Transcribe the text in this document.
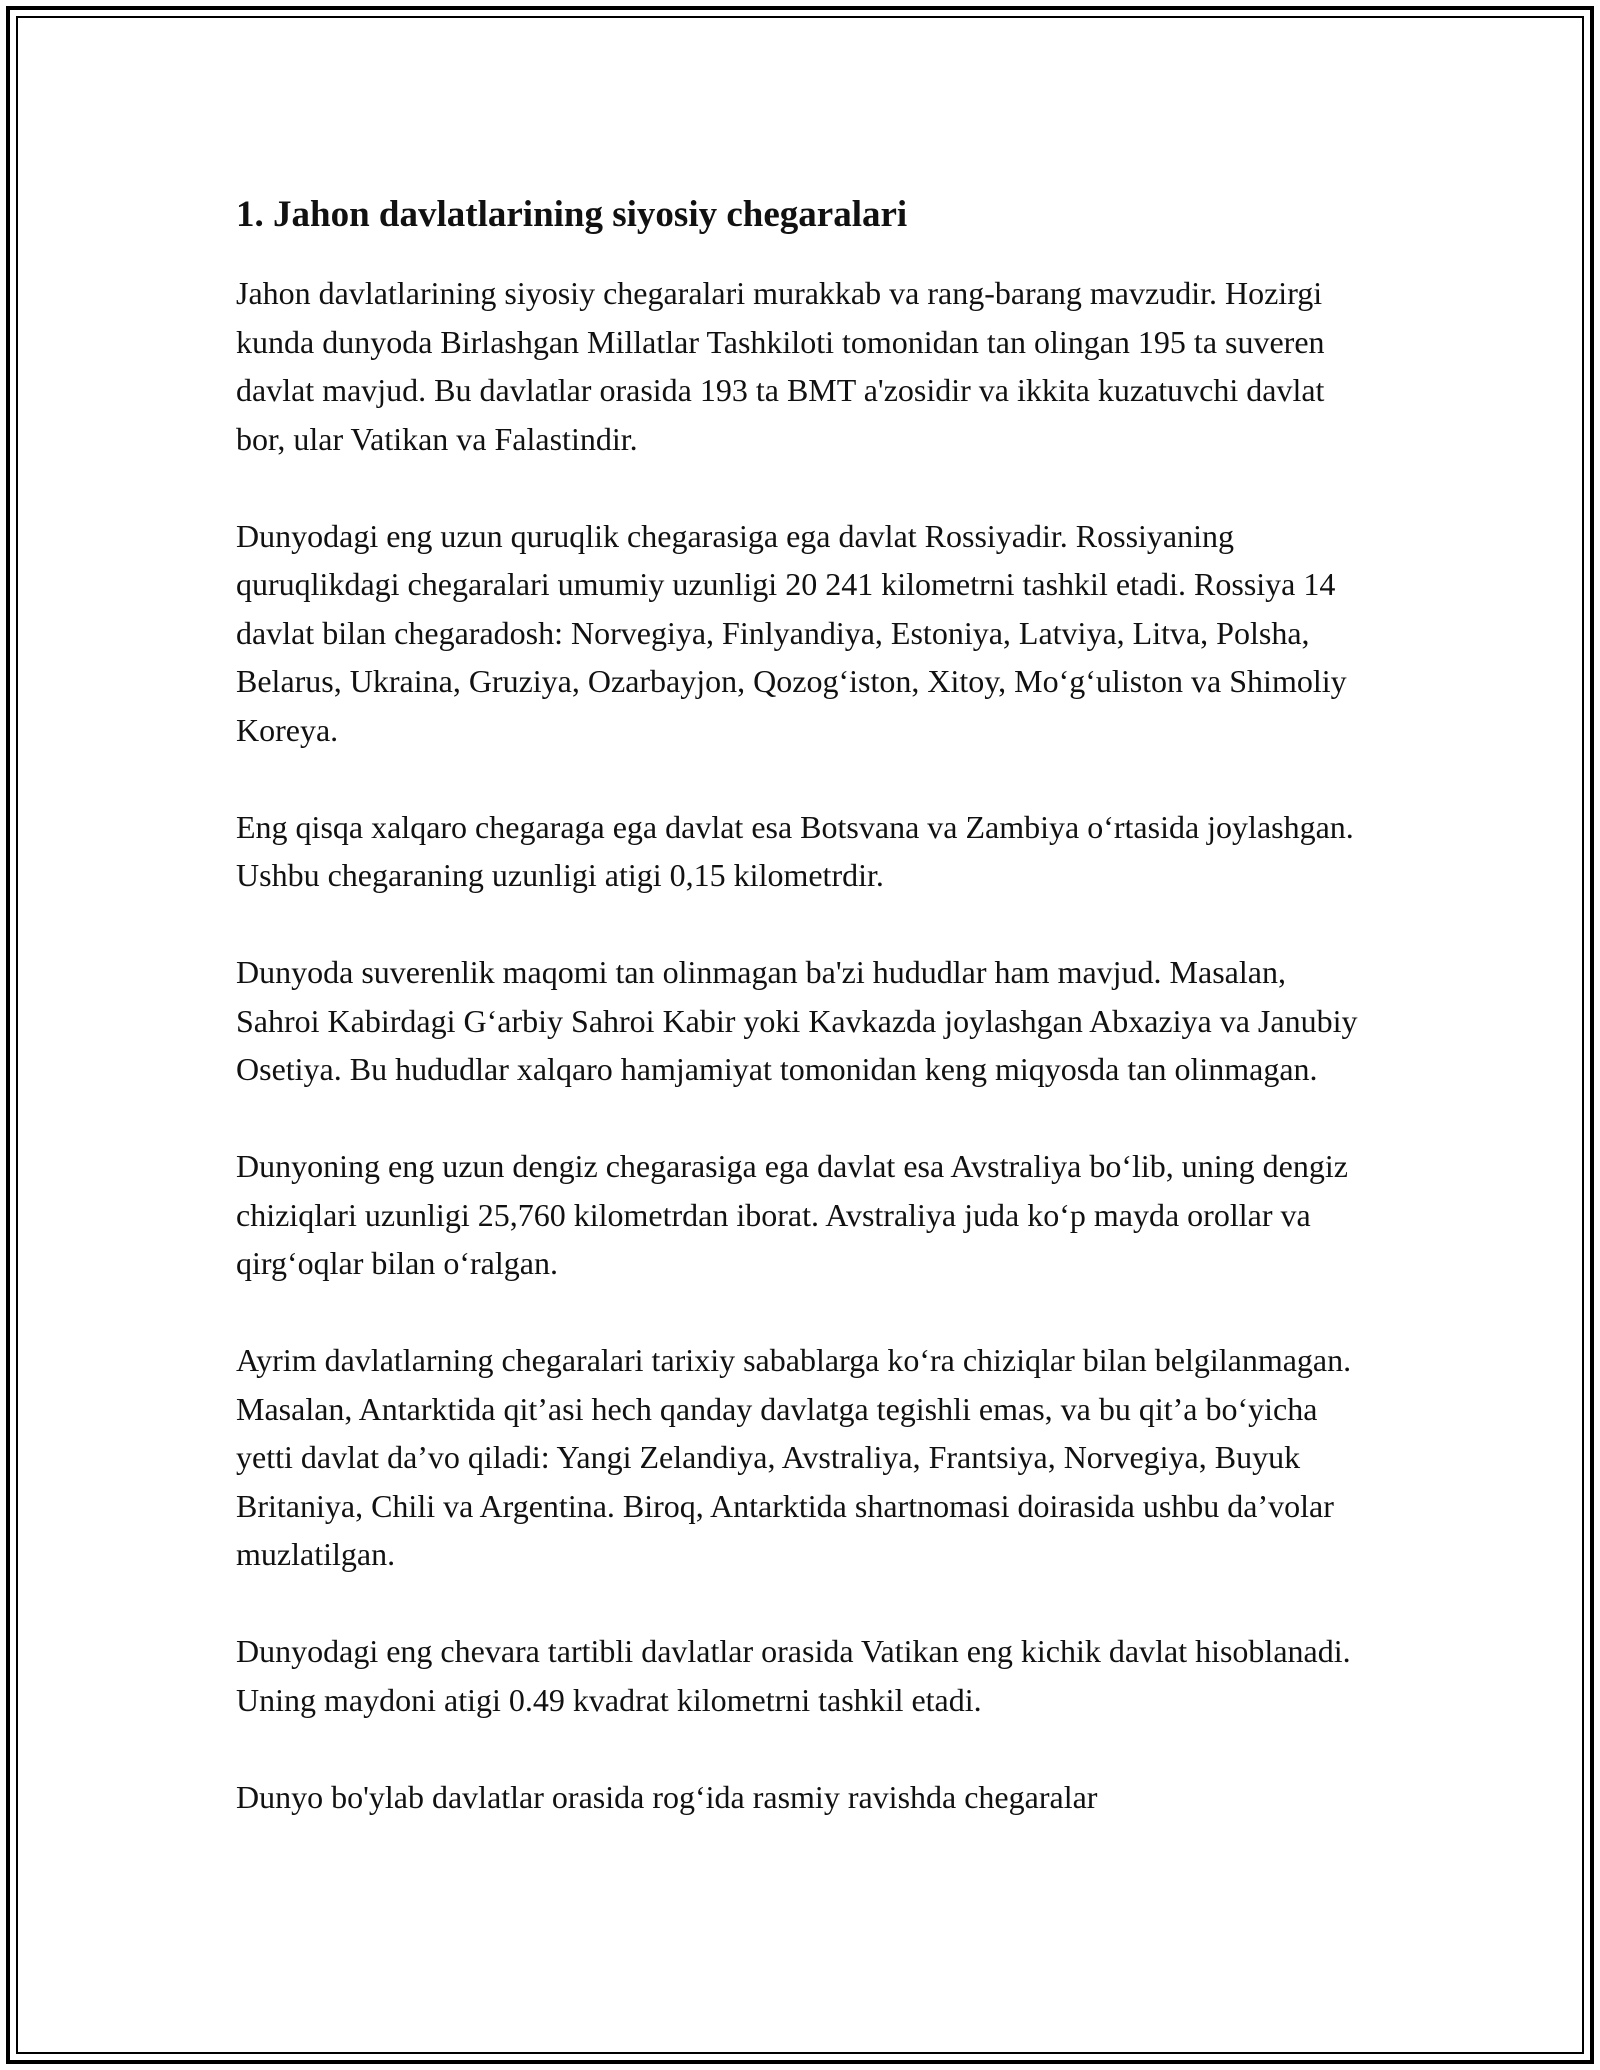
1. Jahon davlatlarining siyosiy chegaralari

Jahon davlatlarining siyosiy chegaralari murakkab va rang-barang mavzudir. Hozirgi kunda dunyoda Birlashgan Millatlar Tashkiloti tomonidan tan olingan 195 ta suveren davlat mavjud. Bu davlatlar orasida 193 ta BMT a'zosidir va ikkita kuzatuvchi davlat bor, ular Vatikan va Falastindir.

Dunyodagi eng uzun quruqlik chegarasiga ega davlat Rossiyadir. Rossiyaning quruqlikdagi chegaralari umumiy uzunligi 20 241 kilometrni tashkil etadi. Rossiya 14 davlat bilan chegaradosh: Norvegiya, Finlyandiya, Estoniya, Latviya, Litva, Polsha, Belarus, Ukraina, Gruziya, Ozarbayjon, Qozog‘iston, Xitoy, Mo‘g‘uliston va Shimoliy Koreya.

Eng qisqa xalqaro chegaraga ega davlat esa Botsvana va Zambiya o‘rtasida joylashgan. Ushbu chegaraning uzunligi atigi 0,15 kilometrdir.

Dunyoda suverenlik maqomi tan olinmagan ba'zi hududlar ham mavjud. Masalan, Sahroi Kabirdagi G‘arbiy Sahroi Kabir yoki Kavkazda joylashgan Abxaziya va Janubiy Osetiya. Bu hududlar xalqaro hamjamiyat tomonidan keng miqyosda tan olinmagan.

Dunyoning eng uzun dengiz chegarasiga ega davlat esa Avstraliya bo‘lib, uning dengiz chiziqlari uzunligi 25,760 kilometrdan iborat. Avstraliya juda ko‘p mayda orollar va qirg‘oqlar bilan o‘ralgan.

Ayrim davlatlarning chegaralari tarixiy sabablarga ko‘ra chiziqlar bilan belgilanmagan. Masalan, Antarktida qit’asi hech qanday davlatga tegishli emas, va bu qit’a bo‘yicha yetti davlat da’vo qiladi: Yangi Zelandiya, Avstraliya, Frantsiya, Norvegiya, Buyuk Britaniya, Chili va Argentina. Biroq, Antarktida shartnomasi doirasida ushbu da’volar muzlatilgan.

Dunyodagi eng chevara tartibli davlatlar orasida Vatikan eng kichik davlat hisoblanadi. Uning maydoni atigi 0.49 kvadrat kilometrni tashkil etadi.

Dunyo bo'ylab davlatlar orasida rog‘ida rasmiy ravishda chegaralar
